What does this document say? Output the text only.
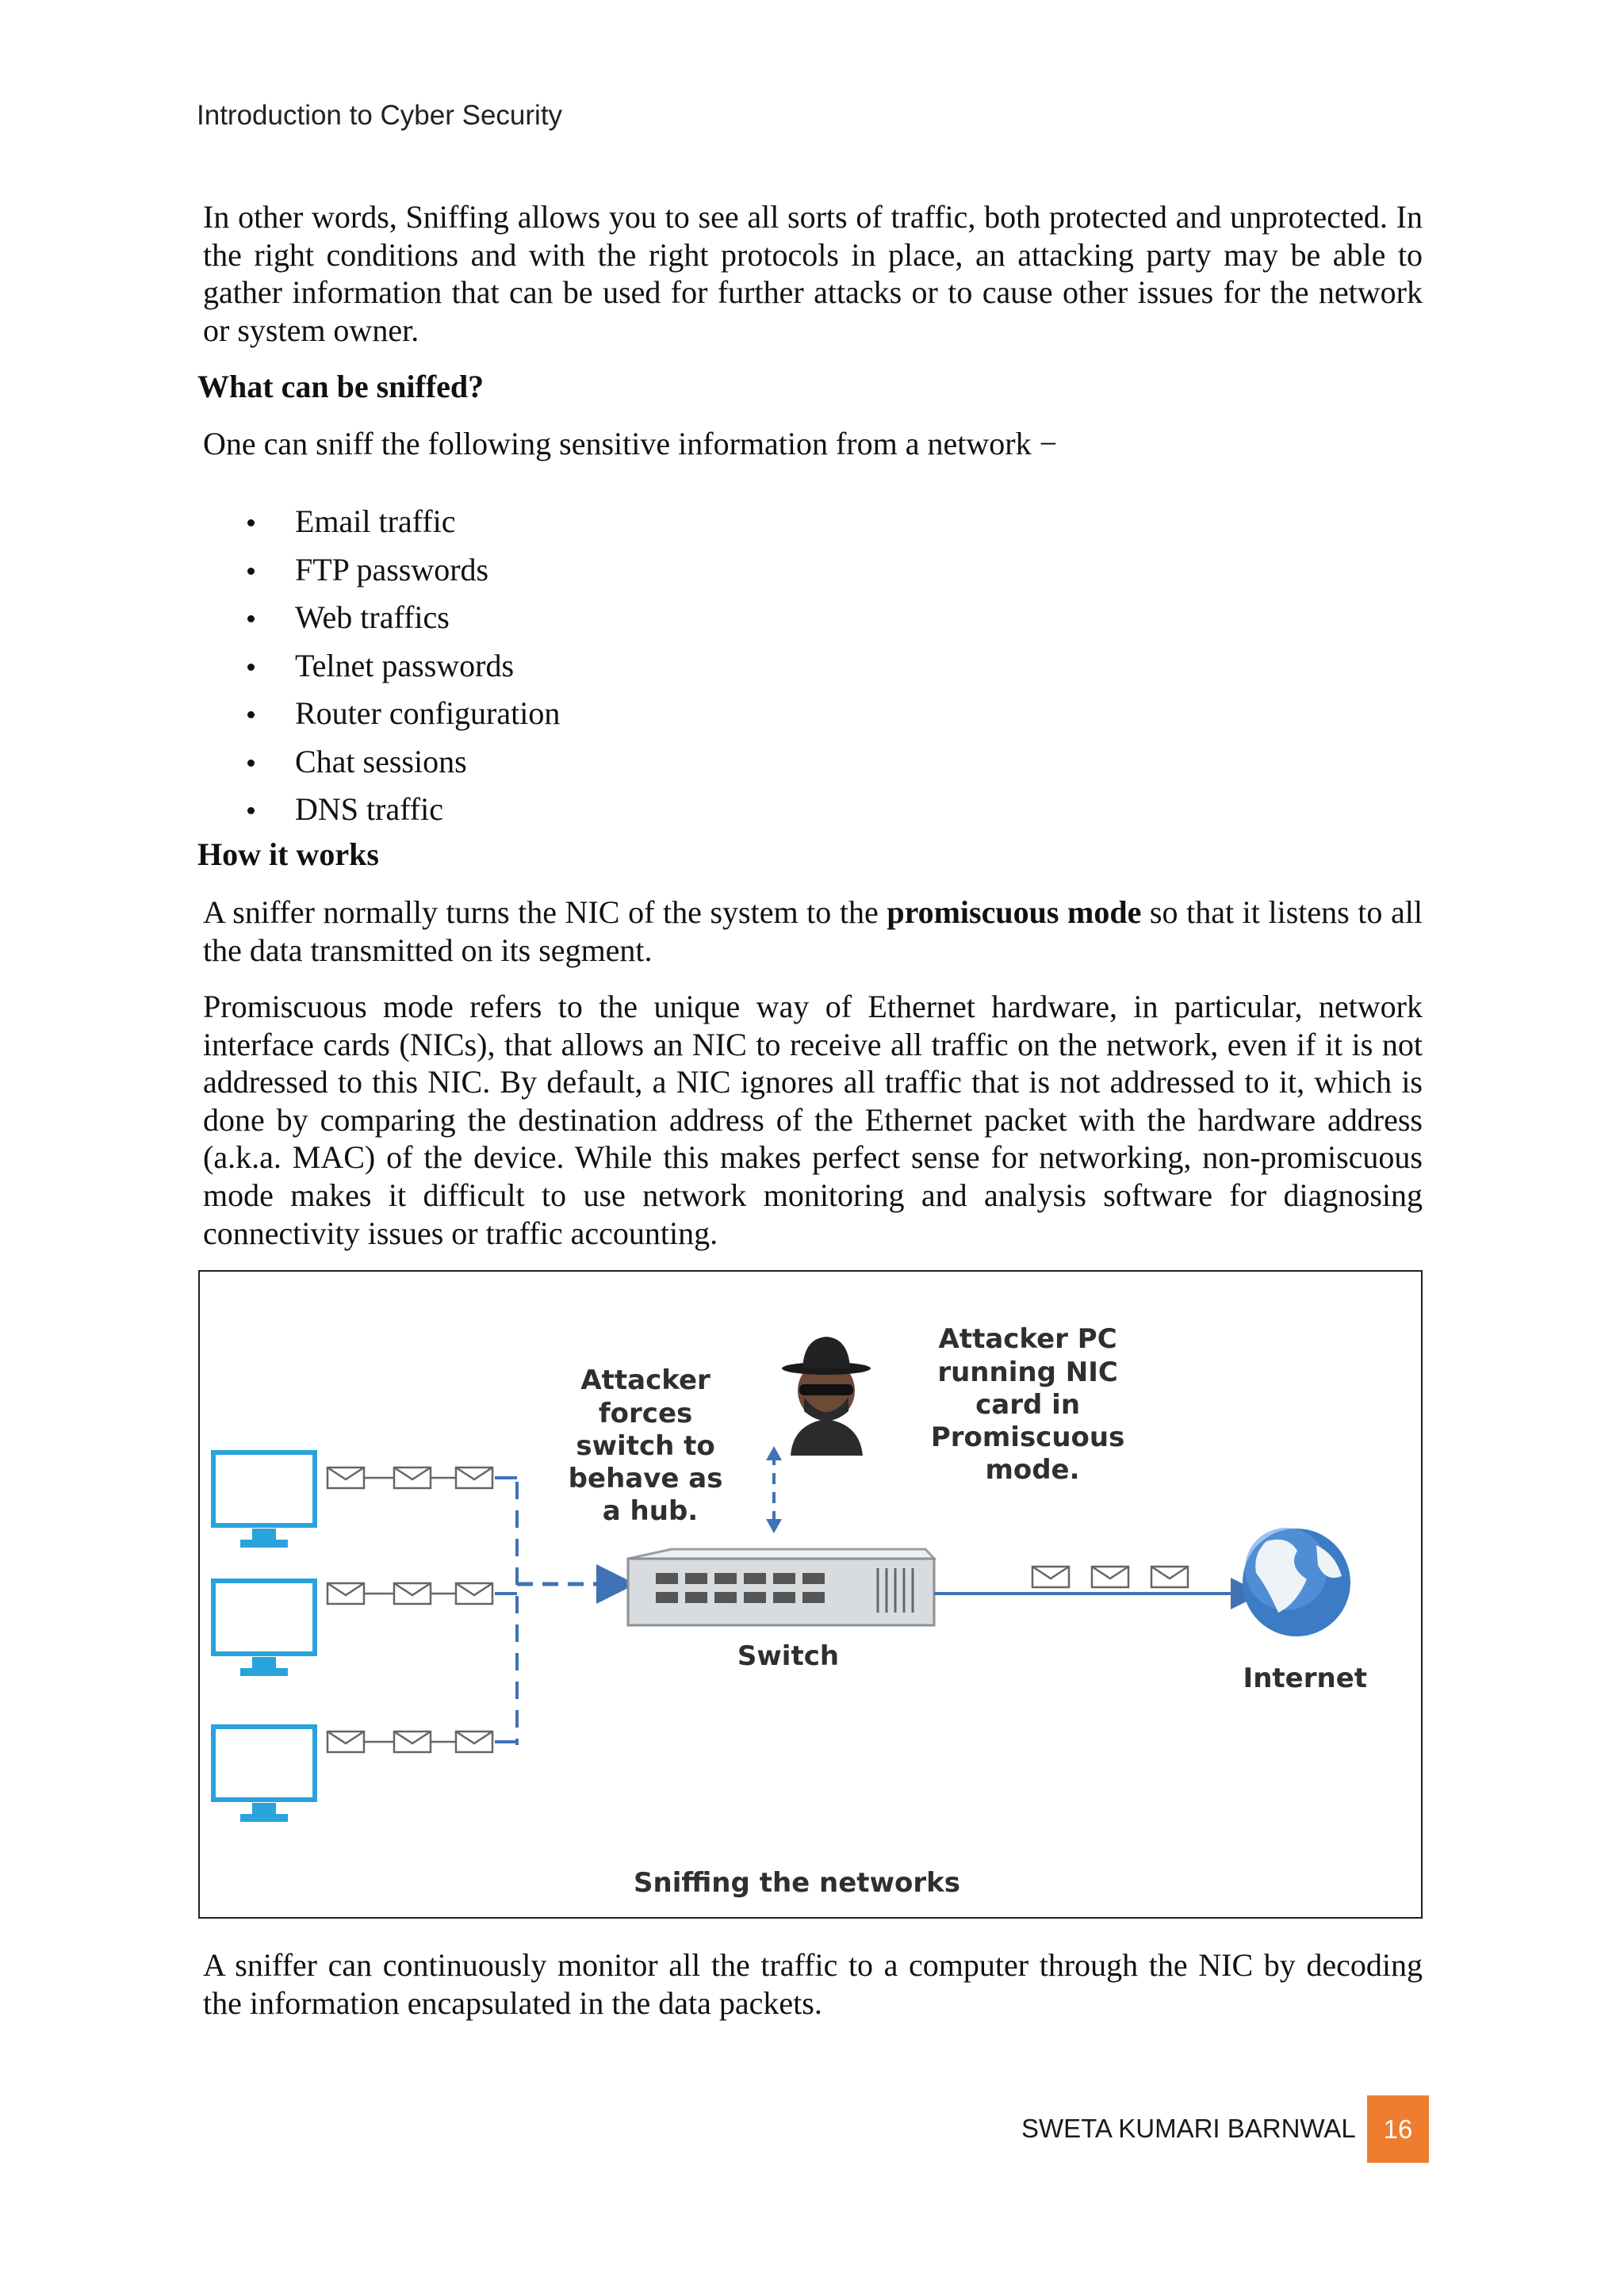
Introduction to Cyber Security

In other words, Sniffing allows you to see all sorts of traffic, both protected and unprotected. In the right conditions and with the right protocols in place, an attacking party may be able to gather information that can be used for further attacks or to cause other issues for the network or system owner.

What can be sniffed?

One can sniff the following sensitive information from a network −

Email traffic
FTP passwords
Web traffics
Telnet passwords
Router configuration
Chat sessions
DNS traffic
How it works

A sniffer normally turns the NIC of the system to the promiscuous mode so that it listens to all the data transmitted on its segment.

Promiscuous mode refers to the unique way of Ethernet hardware, in particular, network interface cards (NICs), that allows an NIC to receive all traffic on the network, even if it is not addressed to this NIC. By default, a NIC ignores all traffic that is not addressed to it, which is done by comparing the destination address of the Ethernet packet with the hardware address (a.k.a. MAC) of the device. While this makes perfect sense for networking, non-promiscuous mode makes it difficult to use network monitoring and analysis software for diagnosing connectivity issues or traffic accounting.

Attacker forces switch to behave as a hub.
Attacker PC running NIC card in Promiscuous mode.
Switch
Internet
Sniffing the networks

A sniffer can continuously monitor all the traffic to a computer through the NIC by decoding the information encapsulated in the data packets.

SWETA KUMARI BARNWAL	16
